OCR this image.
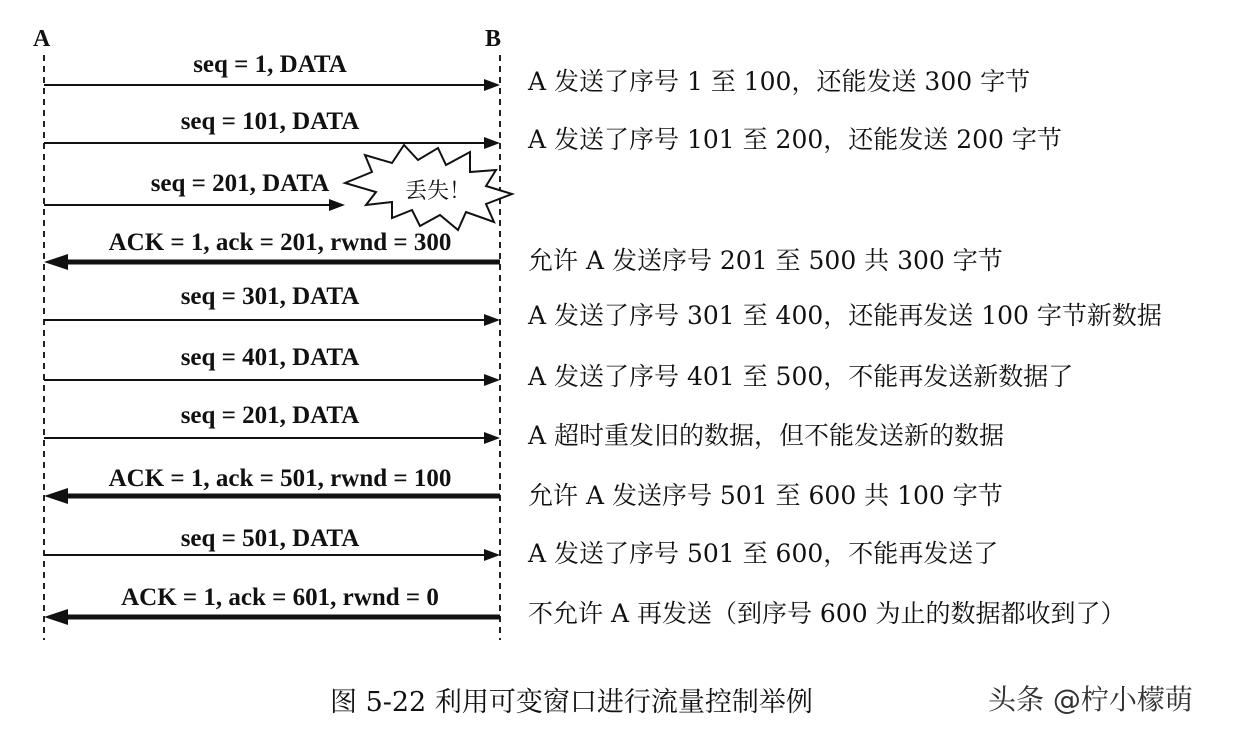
A	B
seq = 1, DATA
seq = 101, DATA
seq = 201, DATA
ACK = 1, ack = 201, rwnd = 300
seq = 301, DATA
seq = 401, DATA
seq = 201, DATA
ACK = 1, ack = 501, rwnd = 100
seq = 501, DATA
ACK = 1, ack = 601, rwnd = 0
丢失！
A 发送了序号 1 至 100，还能发送 300 字节
A 发送了序号 101 至 200，还能发送 200 字节
允许 A 发送序号 201 至 500 共 300 字节
A 发送了序号 301 至 400，还能再发送 100 字节新数据
A 发送了序号 401 至 500，不能再发送新数据了
A 超时重发旧的数据，但不能发送新的数据
允许 A 发送序号 501 至 600 共 100 字节
A 发送了序号 501 至 600，不能再发送了
不允许 A 再发送（到序号 600 为止的数据都收到了）
图 5-22 利用可变窗口进行流量控制举例	头条 @柠小檬萌
